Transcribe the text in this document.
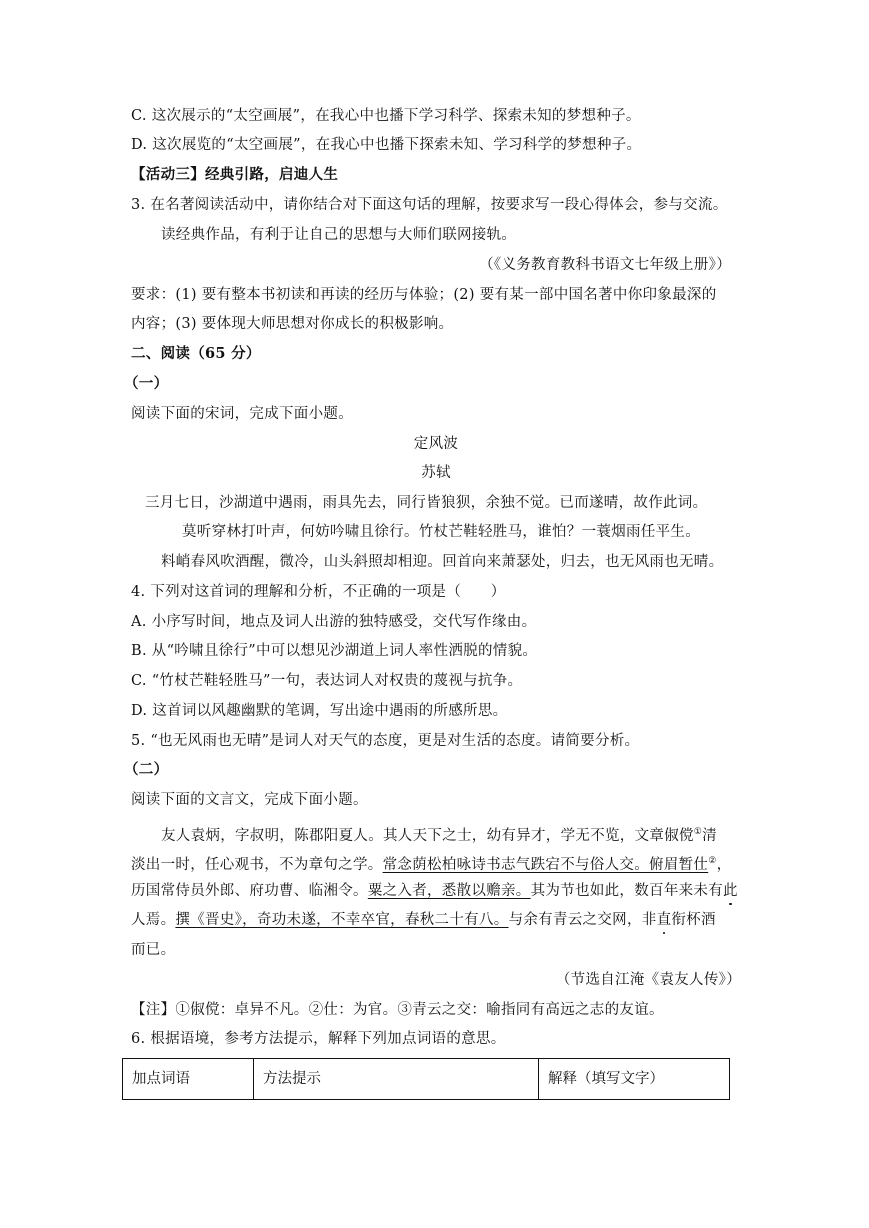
C. 这次展示的“太空画展”，在我心中也播下学习科学、探索未知的梦想种子。
D. 这次展览的“太空画展”，在我心中也播下探索未知、学习科学的梦想种子。
【活动三】经典引路，启迪人生
3. 在名著阅读活动中，请你结合对下面这句话的理解，按要求写一段心得体会，参与交流。
读经典作品，有利于让自己的思想与大师们联网接轨。
（《义务教育教科书语文七年级上册》）
要求：(1) 要有整本书初读和再读的经历与体验；(2) 要有某一部中国名著中你印象最深的
内容；(3) 要体现大师思想对你成长的积极影响。
二、阅读（65 分）
（一）
阅读下面的宋词，完成下面小题。
定风波
苏轼
三月七日，沙湖道中遇雨，雨具先去，同行皆狼狈，余独不觉。已而遂晴，故作此词。
莫听穿林打叶声，何妨吟啸且徐行。竹杖芒鞋轻胜马，谁怕？一蓑烟雨任平生。
料峭春风吹酒醒，微冷，山头斜照却相迎。回首向来萧瑟处，归去，也无风雨也无晴。
4. 下列对这首词的理解和分析，不正确的一项是（　　）
A. 小序写时间，地点及词人出游的独特感受，交代写作缘由。
B. 从“吟啸且徐行”中可以想见沙湖道上词人率性洒脱的情貌。
C. “竹杖芒鞋轻胜马”一句，表达词人对权贵的蔑视与抗争。
D. 这首词以风趣幽默的笔调，写出途中遇雨的所感所思。
5. “也无风雨也无晴”是词人对天气的态度，更是对生活的态度。请简要分析。
（二）
阅读下面的文言文，完成下面小题。
友人袁炳，字叔明，陈郡阳夏人。其人天下之士，幼有异才，学无不览，文章俶傥①清
淡出一时，任心观书，不为章句之学。常念荫松柏咏诗书志气跌宕不与俗人交。俯眉暂仕②，
历国常侍员外郎、府功曹、临湘令。粟之入者，悉散以赡亲。其为节也如此，数百年来未有此
人焉。撰《晋史》，奇功未遂，不幸卒官，春秋二十有八。与余有青云之交网，非直衔杯酒
而已。
（节选自江淹《袁友人传》）
【注】①俶傥：卓异不凡。②仕：为官。③青云之交：喻指同有高远之志的友谊。
6. 根据语境，参考方法提示，解释下列加点词语的意思。
加点词语	方法提示	解释（填写文字）
